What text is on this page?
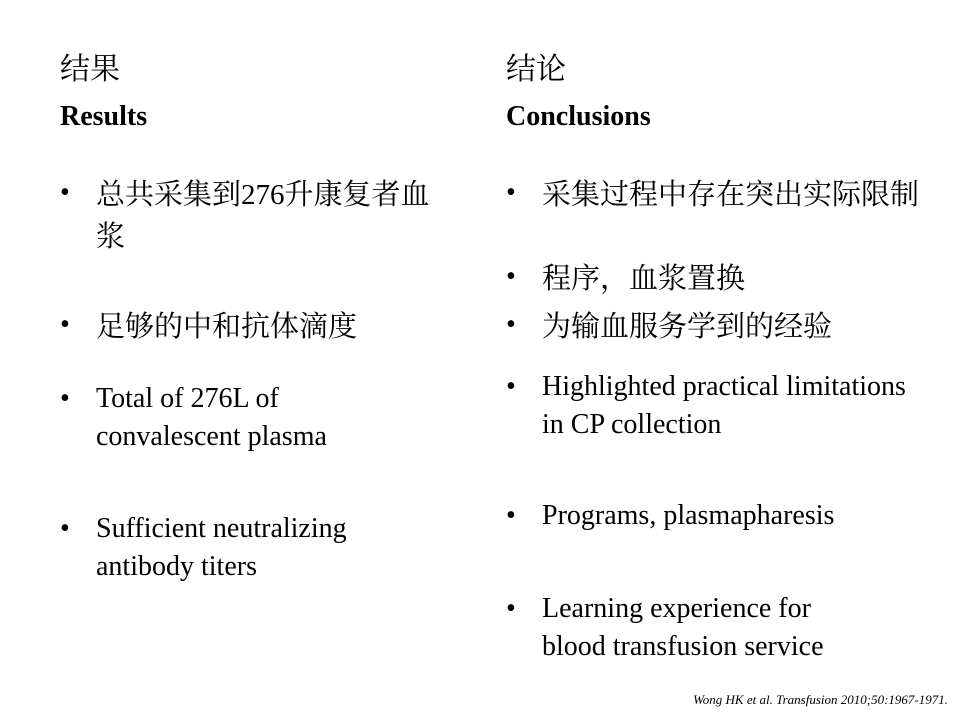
结果
Results
• 总共采集到276升康复者血浆
• 足够的中和抗体滴度
• Total of 276L of convalescent plasma
• Sufficient neutralizing antibody titers
结论
Conclusions
• 采集过程中存在突出实际限制
• 程序，血浆置换
• 为输血服务学到的经验
• Highlighted practical limitations in CP collection
• Programs, plasmapharesis
• Learning experience for blood transfusion service
Wong HK et al. Transfusion 2010;50:1967-1971.
